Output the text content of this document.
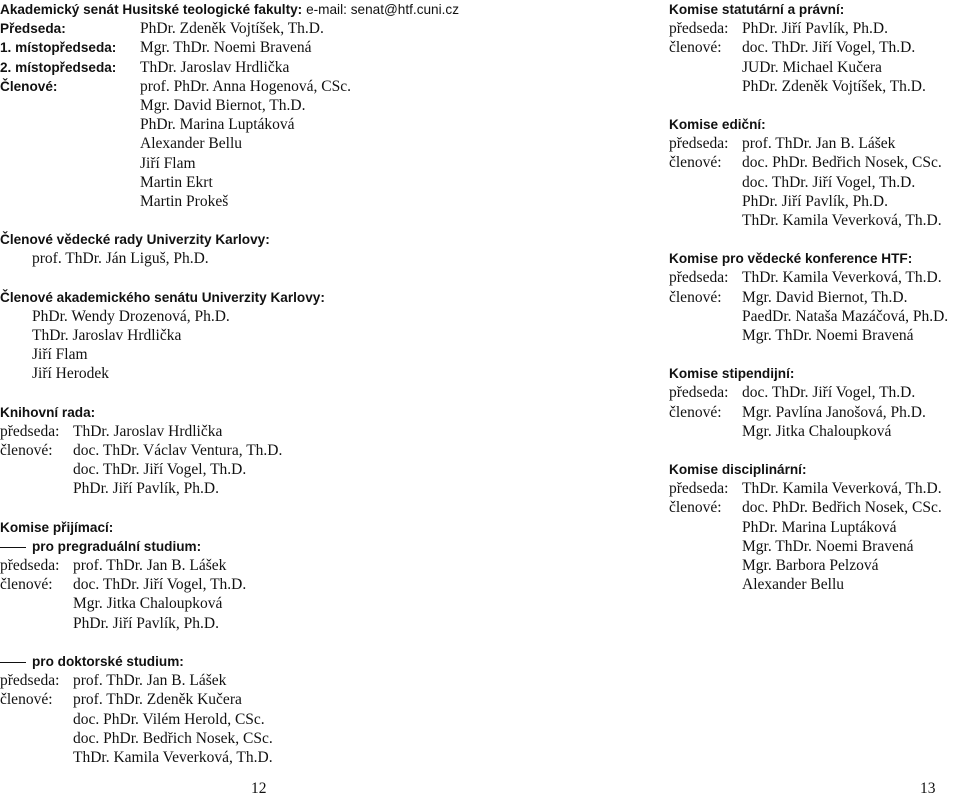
Akademický senát Husitské teologické fakulty:
e-mail:
senat@htf.cuni.cz
Předseda:	PhDr. Zdeněk Vojtíšek, Th.D.
1. místopředseda:	Mgr. ThDr. Noemi Bravená
2. místopředseda:	ThDr. Jaroslav Hrdlička
Členové:	prof. PhDr. Anna Hogenová, CSc.
Mgr. David Biernot, Th.D.
PhDr. Marina Luptáková
Alexander Bellu
Jiří Flam
Martin Ekrt
Martin Prokeš
Členové vědecké rady Univerzity Karlovy:
prof. ThDr. Ján Liguš, Ph.D.
Členové akademického senátu Univerzity Karlovy:
PhDr. Wendy Drozenová, Ph.D.
ThDr. Jaroslav Hrdlička
Jiří Flam
Jiří Herodek
Knihovní rada:
předseda: ThDr. Jaroslav Hrdlička
členové:	doc. ThDr. Václav Ventura, Th.D.
doc. ThDr. Jiří Vogel, Th.D.
PhDr. Jiří Pavlík, Ph.D.
Komise přijímací:
pro pregraduální studium:
předseda: prof. ThDr. Jan B. Lášek
členové:	doc. ThDr. Jiří Vogel, Th.D.
Mgr. Jitka Chaloupková
PhDr. Jiří Pavlík, Ph.D.
pro doktorské studium:
předseda: prof. ThDr. Jan B. Lášek
členové:	prof. ThDr. Zdeněk Kučera
doc. PhDr. Vilém Herold, CSc.
doc. PhDr. Bedřich Nosek, CSc.
ThDr. Kamila Veverková, Th.D.
12
Komise statutární a právní:
předseda: PhDr. Jiří Pavlík, Ph.D.
členové:	doc. ThDr. Jiří Vogel, Th.D.
JUDr. Michael Kučera
PhDr. Zdeněk Vojtíšek, Th.D.
Komise ediční:
předseda: prof. ThDr. Jan B. Lášek
členové:	doc. PhDr. Bedřich Nosek, CSc.
doc. ThDr. Jiří Vogel, Th.D.
PhDr. Jiří Pavlík, Ph.D.
ThDr. Kamila Veverková, Th.D.
Komise pro vědecké konference HTF:
předseda: ThDr. Kamila Veverková, Th.D.
členové:	Mgr. David Biernot, Th.D.
PaedDr. Nataša Mazáčová, Ph.D.
Mgr. ThDr. Noemi Bravená
Komise stipendijní:
předseda: doc. ThDr. Jiří Vogel, Th.D.
členové:	Mgr. Pavlína Janošová, Ph.D.
Mgr. Jitka Chaloupková
Komise disciplinární:
předseda: ThDr. Kamila Veverková, Th.D.
členové:	doc. PhDr. Bedřich Nosek, CSc.
PhDr. Marina Luptáková
Mgr. ThDr. Noemi Bravená
Mgr. Barbora Pelzová
Alexander Bellu
13
